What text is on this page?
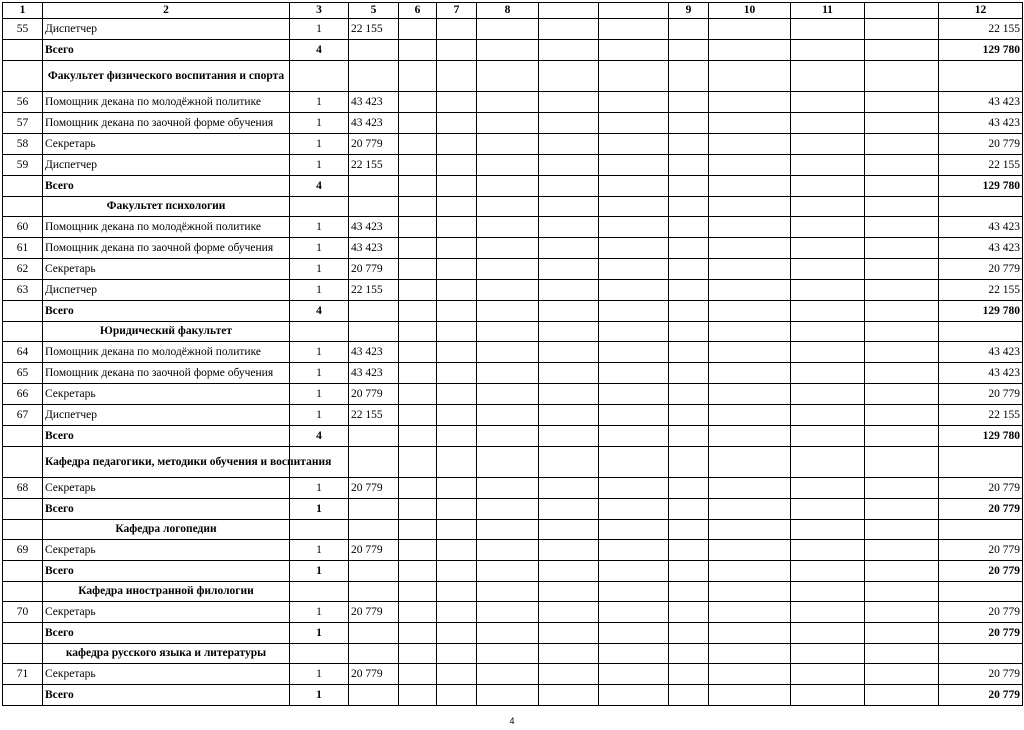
1	2	3	5	6	7	8			9	10	11		12
55	Диспетчер	1	22 155										22 155
	Всего	4											129 780
	Факультет физического воспитания и спорта												
56	Помощник декана по молодёжной политике	1	43 423										43 423
57	Помощник декана по заочной форме обучения	1	43 423										43 423
58	Секретарь	1	20 779										20 779
59	Диспетчер	1	22 155										22 155
	Всего	4											129 780
	Факультет психологии												
60	Помощник декана по молодёжной политике	1	43 423										43 423
61	Помощник декана по заочной форме обучения	1	43 423										43 423
62	Секретарь	1	20 779										20 779
63	Диспетчер	1	22 155										22 155
	Всего	4											129 780
	Юридический факультет												
64	Помощник декана по молодёжной политике	1	43 423										43 423
65	Помощник декана по заочной форме обучения	1	43 423										43 423
66	Секретарь	1	20 779										20 779
67	Диспетчер	1	22 155										22 155
	Всего	4											129 780
	Кафедра педагогики, методики обучения и воспитания												
68	Секретарь	1	20 779										20 779
	Всего	1											20 779
	Кафедра логопедии												
69	Секретарь	1	20 779										20 779
	Всего	1											20 779
	Кафедра иностранной филологии												
70	Секретарь	1	20 779										20 779
	Всего	1											20 779
	кафедра русского языка и литературы												
71	Секретарь	1	20 779										20 779
	Всего	1											20 779
4
